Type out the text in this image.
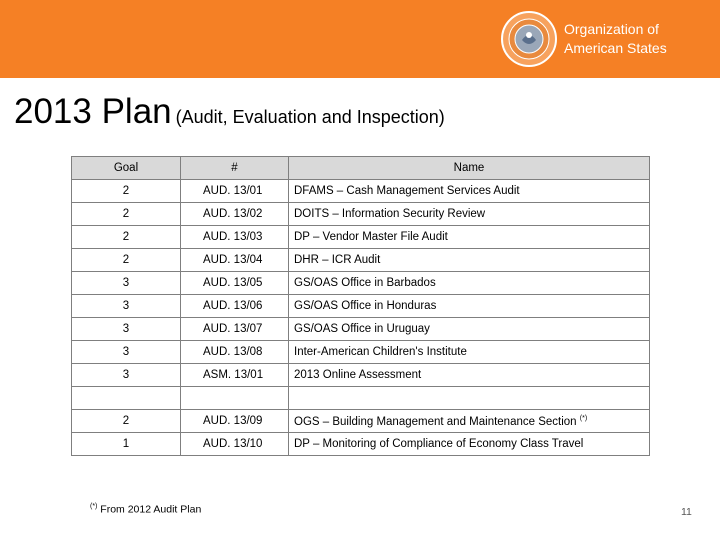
Organization of
American States
2013 Plan (Audit, Evaluation and Inspection)
Goal	#	Name
2	AUD. 13/01	DFAMS – Cash Management Services Audit
2	AUD. 13/02	DOITS – Information Security Review
2	AUD. 13/03	DP – Vendor Master File Audit
2	AUD. 13/04	DHR – ICR Audit
3	AUD. 13/05	GS/OAS Office in Barbados
3	AUD. 13/06	GS/OAS Office in Honduras
3	AUD. 13/07	GS/OAS Office in Uruguay
3	AUD. 13/08	Inter-American Children's Institute
3	ASM. 13/01	2013 Online Assessment

2	AUD. 13/09	OGS – Building Management and Maintenance Section (*)
1	AUD. 13/10	DP – Monitoring of Compliance of Economy Class Travel
(*) From 2012 Audit Plan	11
